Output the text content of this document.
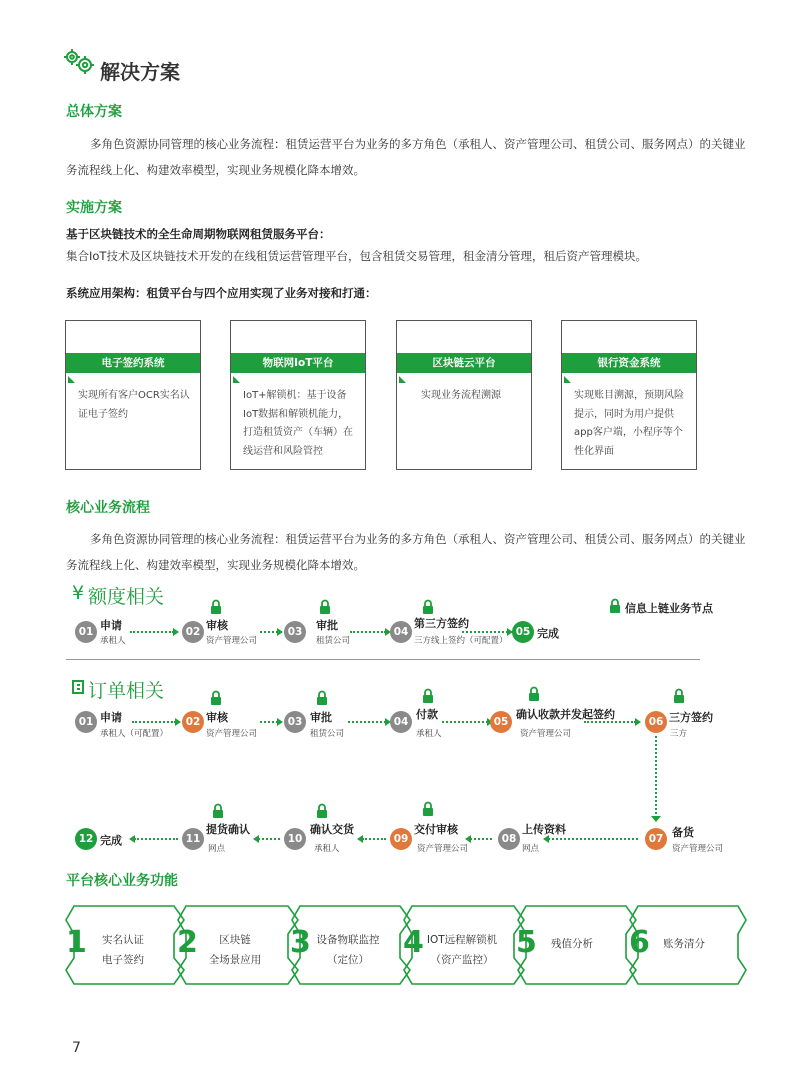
解决方案
总体方案
多角色资源协同管理的核心业务流程：租赁运营平台为业务的多方角色（承租人、资产管理公司、租赁公司、服务网点）的关键业务流程线上化、构建效率模型，实现业务规模化降本增效。
实施方案
基于区块链技术的全生命周期物联网租赁服务平台：
集合IoT技术及区块链技术开发的在线租赁运营管理平台，包含租赁交易管理，租金清分管理，租后资产管理模块。
系统应用架构：租赁平台与四个应用实现了业务对接和打通：
电子签约系统
实现所有客户OCR实名认证电子签约
物联网IoT平台
IoT+解锁机：基于设备IoT数据和解锁机能力，打造租赁资产（车辆）在线运营和风险管控
区块链云平台
实现业务流程溯源
银行资金系统
实现账目溯源，预期风险提示，同时为用户提供app客户端，小程序等个性化界面
核心业务流程
多角色资源协同管理的核心业务流程：租赁运营平台为业务的多方角色（承租人、资产管理公司、租赁公司、服务网点）的关键业务流程线上化、构建效率模型，实现业务规模化降本增效。
¥ 额度相关
信息上链业务节点
01 申请
承租人
02 审核
资产管理公司
03	审批
租赁公司
04
第三方签约
三方线上签约（可配置）
05 完成
订单相关
01 申请
承租人（可配置）
02 审核
资产管理公司
03 审批
租赁公司
04
付款
承租人
05
确认收款并发起签约
资产管理公司
06 三方签约
三方
07 备货
资产管理公司
08
上传资料
网点
09
交付审核
资产管理公司
10
确认交货
承租人
11
提货确认
网点
12 完成
平台核心业务功能
1	实名认证
电子签约	2	区块链
全场景应用 3 设备物联监控
（定位）	4 IOT远程解锁机
（资产监控） 5	残值分析	6	账务清分
7
